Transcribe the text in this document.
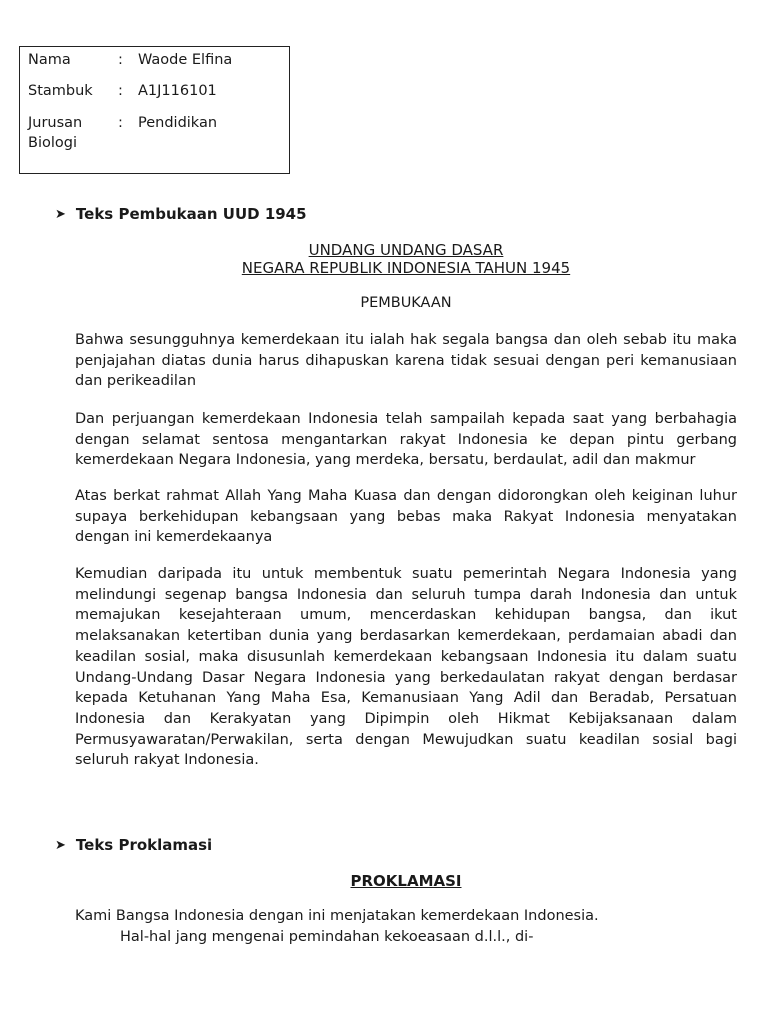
Nama	: Waode Elfina
Stambuk : A1J116101
Jurusan : Pendidikan
Biologi
➤ Teks Pembukaan UUD 1945
UNDANG UNDANG DASAR
NEGARA REPUBLIK INDONESIA TAHUN 1945
PEMBUKAAN
Bahwa sesungguhnya kemerdekaan itu ialah hak segala bangsa dan oleh sebab itu maka penjajahan diatas dunia harus dihapuskan karena tidak sesuai dengan peri kemanusiaan dan perikeadilan
Dan perjuangan kemerdekaan Indonesia telah sampailah kepada saat yang berbahagia dengan selamat sentosa mengantarkan rakyat Indonesia ke depan pintu gerbang kemerdekaan Negara Indonesia, yang merdeka, bersatu, berdaulat, adil dan makmur
Atas berkat rahmat Allah Yang Maha Kuasa dan dengan didorongkan oleh keiginan luhur supaya berkehidupan kebangsaan yang bebas maka Rakyat Indonesia menyatakan dengan ini kemerdekaanya
Kemudian daripada itu untuk membentuk suatu pemerintah Negara Indonesia yang melindungi segenap bangsa Indonesia dan seluruh tumpa darah Indonesia dan untuk memajukan kesejahteraan umum, mencerdaskan kehidupan bangsa, dan ikut melaksanakan ketertiban dunia yang berdasarkan kemerdekaan, perdamaian abadi dan keadilan sosial, maka disusunlah kemerdekaan kebangsaan Indonesia itu dalam suatu Undang-Undang Dasar Negara Indonesia yang berkedaulatan rakyat dengan berdasar kepada Ketuhanan Yang Maha Esa, Kemanusiaan Yang Adil dan Beradab, Persatuan Indonesia dan Kerakyatan yang Dipimpin oleh Hikmat Kebijaksanaan dalam Permusyawaratan/Perwakilan, serta dengan Mewujudkan suatu keadilan sosial bagi seluruh rakyat Indonesia.
➤ Teks Proklamasi
PROKLAMASI
Kami Bangsa Indonesia dengan ini menjatakan kemerdekaan Indonesia.
Hal-hal jang mengenai pemindahan kekoeasaan d.l.l., di-
